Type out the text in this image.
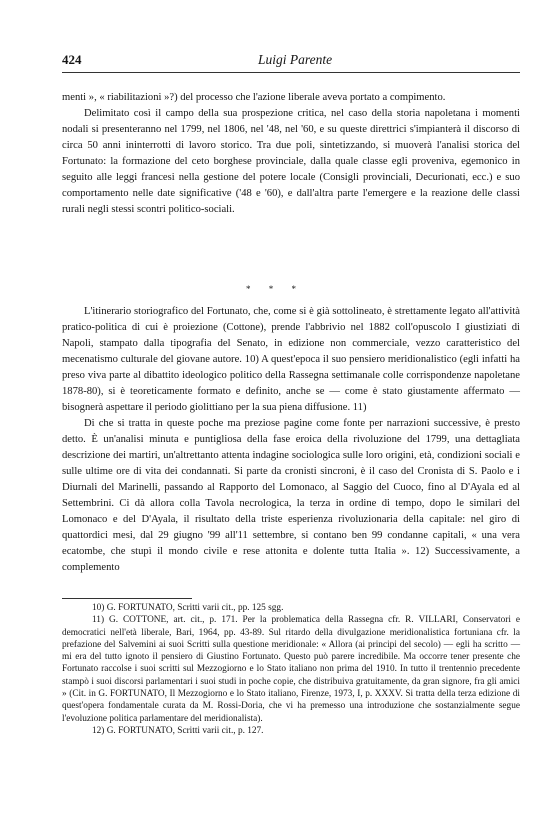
424	Luigi Parente

menti », « riabilitazioni »?) del processo che l'azione liberale aveva portato a compimento.

Delimitato così il campo della sua prospezione critica, nel caso della storia napoletana i momenti nodali si presenteranno nel 1799, nel 1806, nel '48, nel '60, e su queste direttrici s'impianterà il discorso di circa 50 anni ininterrotti di lavoro storico. Tra due poli, sintetizzando, si muoverà l'analisi storica del Fortunato: la formazione del ceto borghese provinciale, dalla quale classe egli proveniva, egemonico in seguito alle leggi francesi nella gestione del potere locale (Consigli provinciali, Decurionati, ecc.) e suo comportamento nelle date significative ('48 e '60), e dall'altra parte l'emergere e la reazione delle classi rurali negli stessi scontri politico-sociali.

* * *

L'itinerario storiografico del Fortunato, che, come si è già sottolineato, è strettamente legato all'attività pratico-politica di cui è proiezione (Cottone), prende l'abbrivio nel 1882 coll'opuscolo I giustiziati di Napoli, stampato dalla tipografia del Senato, in edizione non commerciale, vezzo caratteristico del mecenatismo culturale del giovane autore. 10) A quest'epoca il suo pensiero meridionalistico (egli infatti ha preso viva parte al dibattito ideologico politico della Rassegna settimanale colle corrispondenze napoletane 1878-80), si è teoreticamente formato e definito, anche se — come è stato giustamente affermato — bisognerà aspettare il periodo giolittiano per la sua piena diffusione. 11)

Di che si tratta in queste poche ma preziose pagine come fonte per narrazioni successive, è presto detto. È un'analisi minuta e puntigliosa della fase eroica della rivoluzione del 1799, una dettagliata descrizione dei martiri, un'altrettanto attenta indagine sociologica sulle loro origini, età, condizioni sociali e sulle ultime ore di vita dei condannati. Si parte da cronisti sincroni, è il caso del Cronista di S. Paolo e i Diurnali del Marinelli, passando al Rapporto del Lomonaco, al Saggio del Cuoco, fino al D'Ayala ed al Settembrini. Ci dà allora colla Tavola necrologica, la terza in ordine di tempo, dopo le similari del Lomonaco e del D'Ayala, il risultato della triste esperienza rivoluzionaria della capitale: nel giro di quattordici mesi, dal 29 giugno '99 all'11 settembre, si contano ben 99 condanne capitali, « una vera ecatombe, che stupì il mondo civile e rese attonita e dolente tutta Italia ». 12) Successivamente, a complemento

10) G. FORTUNATO, Scritti varii cit., pp. 125 sgg.

11) G. COTTONE, art. cit., p. 171. Per la problematica della Rassegna cfr. R. VILLARI, Conservatori e democratici nell'età liberale, Bari, 1964, pp. 43-89. Sul ritardo della divulgazione meridionalistica fortuniana cfr. la prefazione del Salvemini ai suoi Scritti sulla questione meridionale: « Allora (ai principi del secolo) — egli ha scritto — mi era del tutto ignoto il pensiero di Giustino Fortunato. Questo può parere incredibile. Ma occorre tener presente che Fortunato raccolse i suoi scritti sul Mezzogiorno e lo Stato italiano non prima del 1910. In tutto il trentennio precedente stampò i suoi discorsi parlamentari i suoi studi in poche copie, che distribuiva gratuitamente, da gran signore, fra gli amici » (Cit. in G. FORTUNATO, Il Mezzogiorno e lo Stato italiano, Firenze, 1973, I, p. XXXV. Si tratta della terza edizione di quest'opera fondamentale curata da M. Rossi-Doria, che vi ha premesso una introduzione che sostanzialmente segue l'evoluzione politica parlamentare del meridionalista).

12) G. FORTUNATO, Scritti varii cit., p. 127.
